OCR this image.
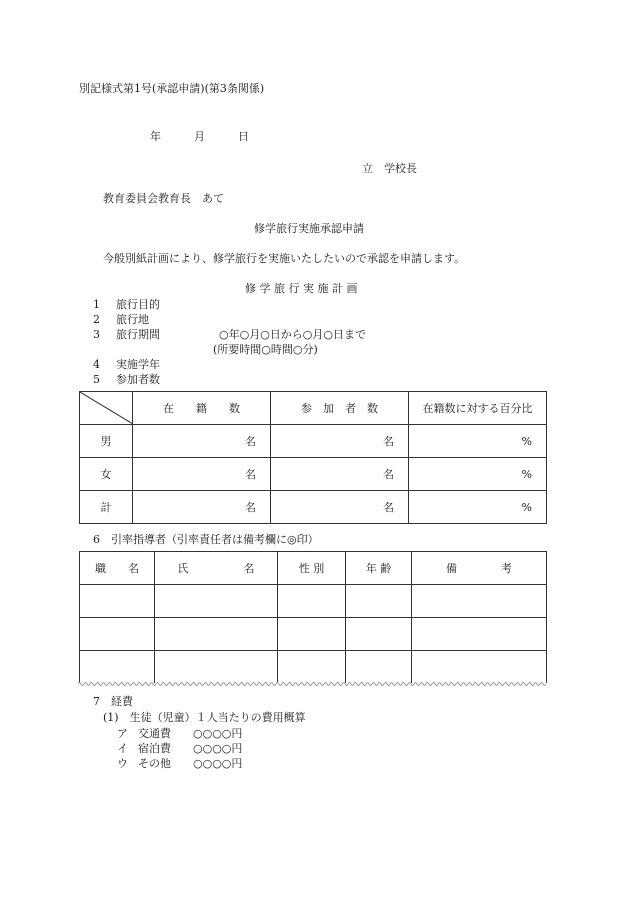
別記様式第1号(承認申請)(第3条関係)
年	月	日
立　学校長
教育委員会教育長　あて
修学旅行実施承認申請
今般別紙計画により、修学旅行を実施いたしたいので承認を申請します。
修 学 旅 行 実 施 計 画
1 旅行目的
2 旅行地
3 旅行期間	○年○月○日から○月○日まで
(所要時間○時間○分)
4 実施学年
5 参加者数
	在　　籍　　数	参　加　者　数	在籍数に対する百分比
男	名	名	%
女	名	名	%
計	名	名	%
6　引率指導者（引率責任者は備考欄に◎印）
職　　名	氏　　　　　名	性 別	年 齢	備　　　　考

7　経費
(1)　生徒（児童）１人当たりの費用概算
ア 交通費 ○○○○円
イ 宿泊費 ○○○○円
ウ その他 ○○○○円
